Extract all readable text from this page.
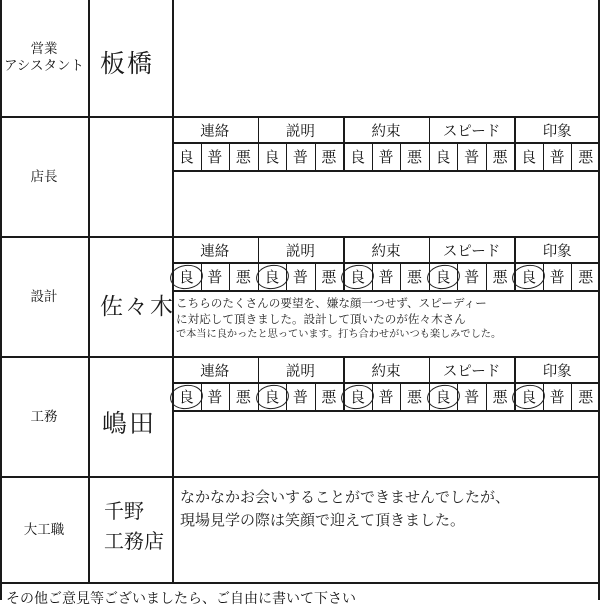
営業
アシスタント
店長
設計
工務
大工職
板橋
佐々木
嶋田
千野
工務店
連絡
良 普 悪
説明
良 普 悪
約束
良 普 悪
スピード
良 普 悪
印象
良 普 悪
連絡
良 普 悪
説明
良 普 悪
約束
良 普 悪
スピード
良 普 悪
印象
良 普 悪
連絡
良 普 悪
説明
良 普 悪
約束
良 普 悪
スピード
良 普 悪
印象
良 普 悪
こちらのたくさんの要望を、嫌な顔一つせず、スピーディー
に対応して頂きました。設計して頂いたのが佐々木さん
で本当に良かったと思っています。打ち合わせがいつも楽しみでした。
なかなかお会いすることができませんでしたが、
現場見学の際は笑顔で迎えて頂きました。
その他ご意見等ございましたら、ご自由に書いて下さい
